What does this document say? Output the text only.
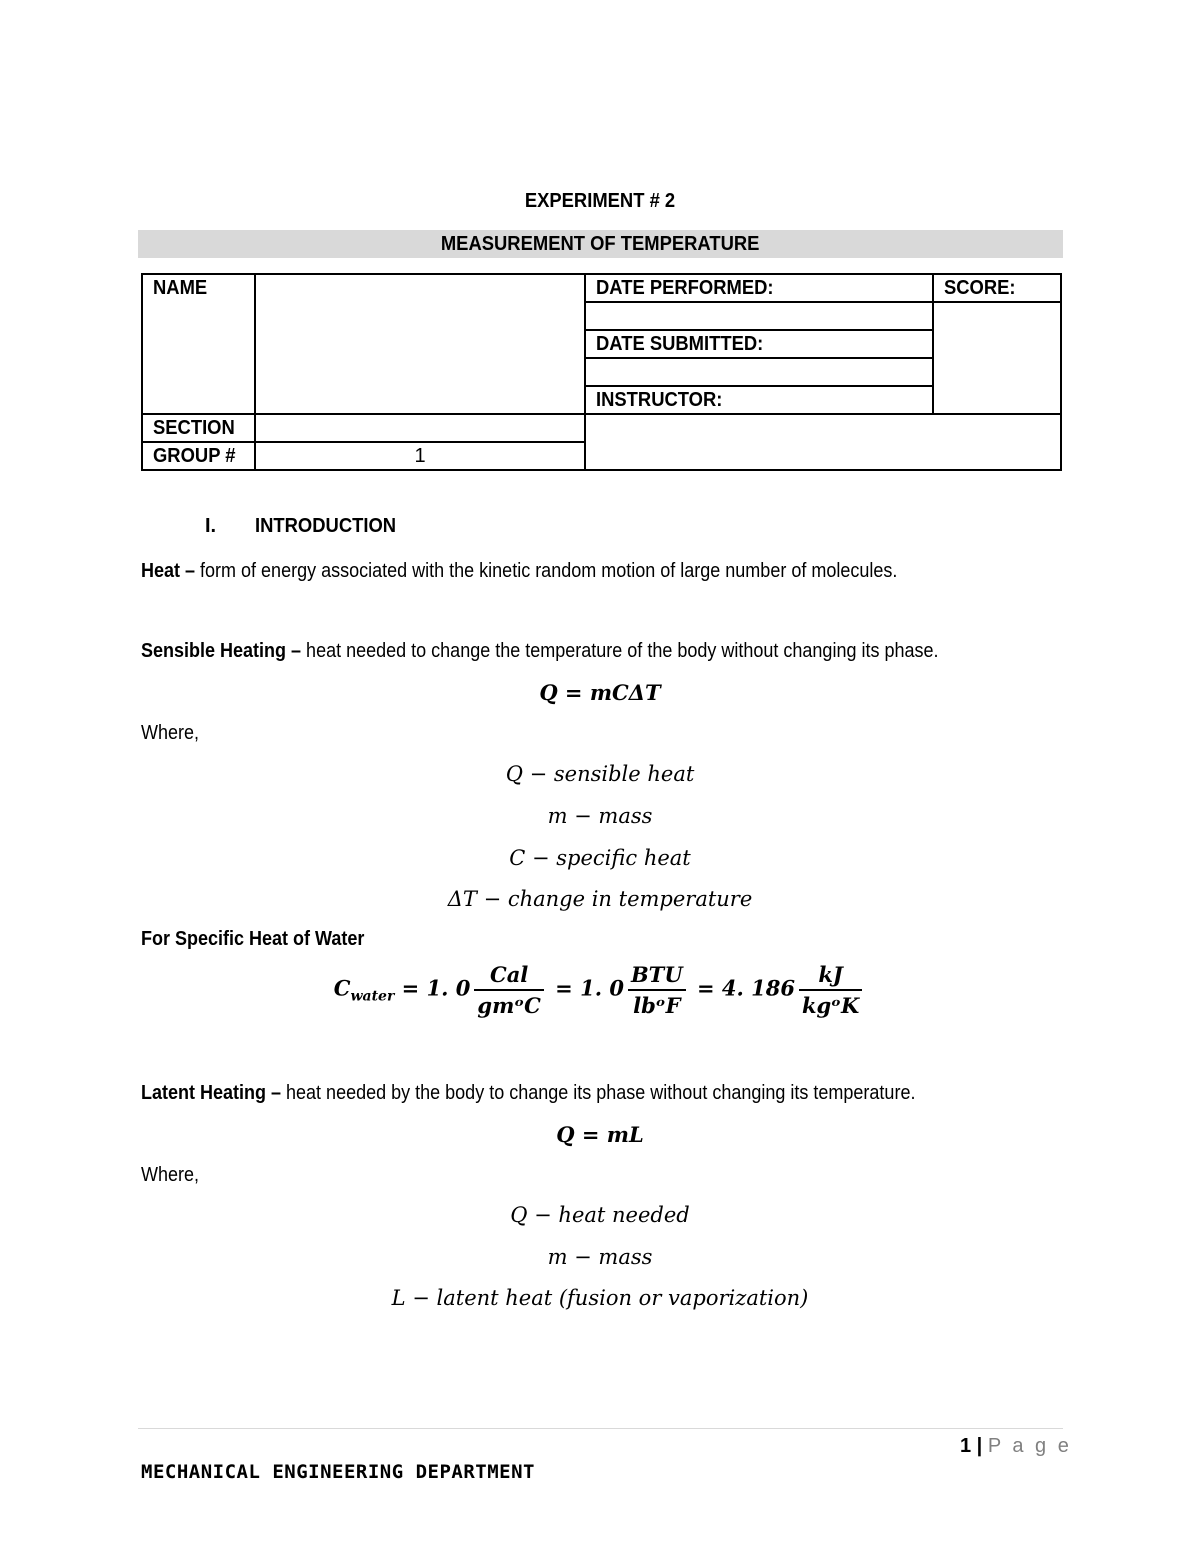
EXPERIMENT # 2
MEASUREMENT OF TEMPERATURE
NAME		DATE PERFORMED:	SCORE:

		DATE SUBMITTED:	

		INSTRUCTOR:	
SECTION			
GROUP #	1		
I. INTRODUCTION
Heat – form of energy associated with the kinetic random motion of large number of molecules.
Sensible Heating – heat needed to change the temperature of the body without changing its phase.
Q = mCΔT
Where,
Q − sensible heat
m − mass
C − specific heat
ΔT − change in temperature
For Specific Heat of Water
$C_{water} = 1$. $0 \frac{\text{Cal}}{\text{gmᵒC}} = 1$. $0 \frac{\text{BTU}}{\text{lbᵒF}} = 4$. $186 \frac{kJ}{\text{kgᵒK}}$
Latent Heating – heat needed by the body to change its phase without changing its temperature.
Q = mL
Where,
Q − heat needed
m − mass
L − latent heat (fusion or vaporization)
1 | P a g e
MECHANICAL ENGINEERING DEPARTMENT
